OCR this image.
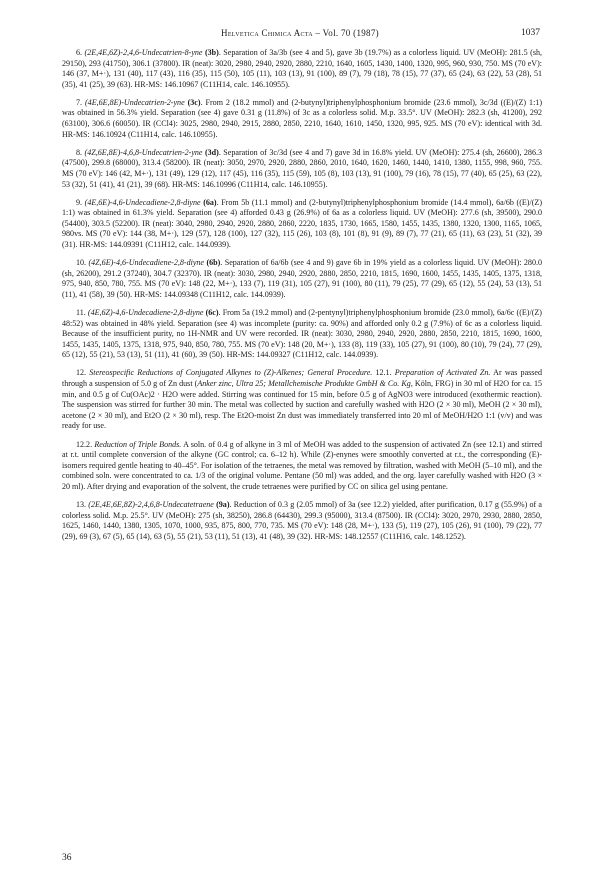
Helvetica Chimica Acta – Vol. 70 (1987)	1037

6. (2E,4E,6Z)-2,4,6-Undecatrien-8-yne (3b). Separation of 3a/3b (see 4 and 5), gave 3b (19.7%) as a colorless liquid. UV (MeOH): 281.5 (sh, 29150), 293 (41750), 306.1 (37800). IR (neat): 3020, 2980, 2940, 2920, 2880, 2210, 1640, 1605, 1430, 1400, 1320, 995, 960, 930, 750. MS (70 eV): 146 (37, M+·), 131 (40), 117 (43), 116 (35), 115 (50), 105 (11), 103 (13), 91 (100), 89 (7), 79 (18), 78 (15), 77 (37), 65 (24), 63 (22), 53 (28), 51 (35), 41 (25), 39 (63). HR-MS: 146.10967 (C11H14, calc. 146.10955).

7. (4E,6E,8E)-Undecatrien-2-yne (3c). From 2 (18.2 mmol) and (2-butynyl)triphenylphosphonium bromide (23.6 mmol), 3c/3d ((E)/(Z) 1:1) was obtained in 56.3% yield. Separation (see 4) gave 0.31 g (11.8%) of 3c as a colorless solid. M.p. 33.5°. UV (MeOH): 282.3 (sh, 41200), 292 (63100), 306.6 (60050). IR (CCl4): 3025, 2980, 2940, 2915, 2880, 2850, 2210, 1640, 1610, 1450, 1320, 995, 925. MS (70 eV): identical with 3d. HR-MS: 146.10924 (C11H14, calc. 146.10955).

8. (4Z,6E,8E)-4,6,8-Undecatrien-2-yne (3d). Separation of 3c/3d (see 4 and 7) gave 3d in 16.8% yield. UV (MeOH): 275.4 (sh, 26600), 286.3 (47500), 299.8 (68000), 313.4 (58200). IR (neat): 3050, 2970, 2920, 2880, 2860, 2010, 1640, 1620, 1460, 1440, 1410, 1380, 1155, 998, 960, 755. MS (70 eV): 146 (42, M+·), 131 (49), 129 (12), 117 (45), 116 (35), 115 (59), 105 (8), 103 (13), 91 (100), 79 (16), 78 (15), 77 (40), 65 (25), 63 (22), 53 (32), 51 (41), 41 (21), 39 (68). HR-MS: 146.10996 (C11H14, calc. 146.10955).

9. (4E,6E)-4,6-Undecadiene-2,8-diyne (6a). From 5b (11.1 mmol) and (2-butynyl)triphenylphosphonium bromide (14.4 mmol), 6a/6b ((E)/(Z) 1:1) was obtained in 61.3% yield. Separation (see 4) afforded 0.43 g (26.9%) of 6a as a colorless liquid. UV (MeOH): 277.6 (sh, 39500), 290.0 (54400), 303.5 (52200). IR (neat): 3040, 2980, 2940, 2920, 2880, 2860, 2220, 1835, 1730, 1665, 1580, 1455, 1435, 1380, 1320, 1300, 1165, 1065, 980vs. MS (70 eV): 144 (38, M+·), 129 (57), 128 (100), 127 (32), 115 (26), 103 (8), 101 (8), 91 (9), 89 (7), 77 (21), 65 (11), 63 (23), 51 (32), 39 (31). HR-MS: 144.09391 (C11H12, calc. 144.0939).

10. (4Z,6E)-4,6-Undecadiene-2,8-diyne (6b). Separation of 6a/6b (see 4 and 9) gave 6b in 19% yield as a colorless liquid. UV (MeOH): 280.0 (sh, 26200), 291.2 (37240), 304.7 (32370). IR (neat): 3030, 2980, 2940, 2920, 2880, 2850, 2210, 1815, 1690, 1600, 1455, 1435, 1405, 1375, 1318, 975, 940, 850, 780, 755. MS (70 eV): 148 (22, M+·), 133 (7), 119 (31), 105 (27), 91 (100), 80 (11), 79 (25), 77 (29), 65 (12), 55 (24), 53 (13), 51 (11), 41 (58), 39 (50). HR-MS: 144.09348 (C11H12, calc. 144.0939).

11. (4E,6Z)-4,6-Undecadiene-2,8-diyne (6c). From 5a (19.2 mmol) and (2-pentynyl)triphenylphosphonium bromide (23.0 mmol), 6a/6c ((E)/(Z) 48:52) was obtained in 48% yield. Separation (see 4) was incomplete (purity: ca. 90%) and afforded only 0.2 g (7.9%) of 6c as a colorless liquid. Because of the insufficient purity, no 1H-NMR and UV were recorded. IR (neat): 3030, 2980, 2940, 2920, 2880, 2850, 2210, 1815, 1690, 1600, 1455, 1435, 1405, 1375, 1318, 975, 940, 850, 780, 755. MS (70 eV): 148 (20, M+·), 133 (8), 119 (33), 105 (27), 91 (100), 80 (10), 79 (24), 77 (29), 65 (12), 55 (21), 53 (13), 51 (11), 41 (60), 39 (50). HR-MS: 144.09327 (C11H12, calc. 144.0939).

12. Stereospecific Reductions of Conjugated Alkynes to (Z)-Alkenes; General Procedure. 12.1. Preparation of Activated Zn. Ar was passed through a suspension of 5.0 g of Zn dust (Anker zinc, Ultra 25; Metallchemische Produkte GmbH & Co. Kg, Köln, FRG) in 30 ml of H2O for ca. 15 min, and 0.5 g of Cu(OAc)2 · H2O were added. Stirring was continued for 15 min, before 0.5 g of AgNO3 were introduced (exothermic reaction). The suspension was stirred for further 30 min. The metal was collected by suction and carefully washed with H2O (2 × 30 ml), MeOH (2 × 30 ml), acetone (2 × 30 ml), and Et2O (2 × 30 ml), resp. The Et2O-moist Zn dust was immediately transferred into 20 ml of MeOH/H2O 1:1 (v/v) and was ready for use.

12.2. Reduction of Triple Bonds. A soln. of 0.4 g of alkyne in 3 ml of MeOH was added to the suspension of activated Zn (see 12.1) and stirred at r.t. until complete conversion of the alkyne (GC control; ca. 6–12 h). While (Z)-enynes were smoothly converted at r.t., the corresponding (E)-isomers required gentle heating to 40–45°. For isolation of the tetraenes, the metal was removed by filtration, washed with MeOH (5–10 ml), and the combined soln. were concentrated to ca. 1/3 of the original volume. Pentane (50 ml) was added, and the org. layer carefully washed with H2O (3 × 20 ml). After drying and evaporation of the solvent, the crude tetraenes were purified by CC on silica gel using pentane.

13. (2E,4E,6E,8Z)-2,4,6,8-Undecatetraene (9a). Reduction of 0.3 g (2.05 mmol) of 3a (see 12.2) yielded, after purification, 0.17 g (55.9%) of a colorless solid. M.p. 25.5°. UV (MeOH): 275 (sh, 38250), 286.8 (64430), 299.3 (95000), 313.4 (87500). IR (CCl4): 3020, 2970, 2930, 2880, 2850, 1625, 1460, 1440, 1380, 1305, 1070, 1000, 935, 875, 800, 770, 735. MS (70 eV): 148 (28, M+·), 133 (5), 119 (27), 105 (26), 91 (100), 79 (22), 77 (29), 69 (3), 67 (5), 65 (14), 63 (5), 55 (21), 53 (11), 51 (13), 41 (48), 39 (32). HR-MS: 148.12557 (C11H16, calc. 148.1252).

36
